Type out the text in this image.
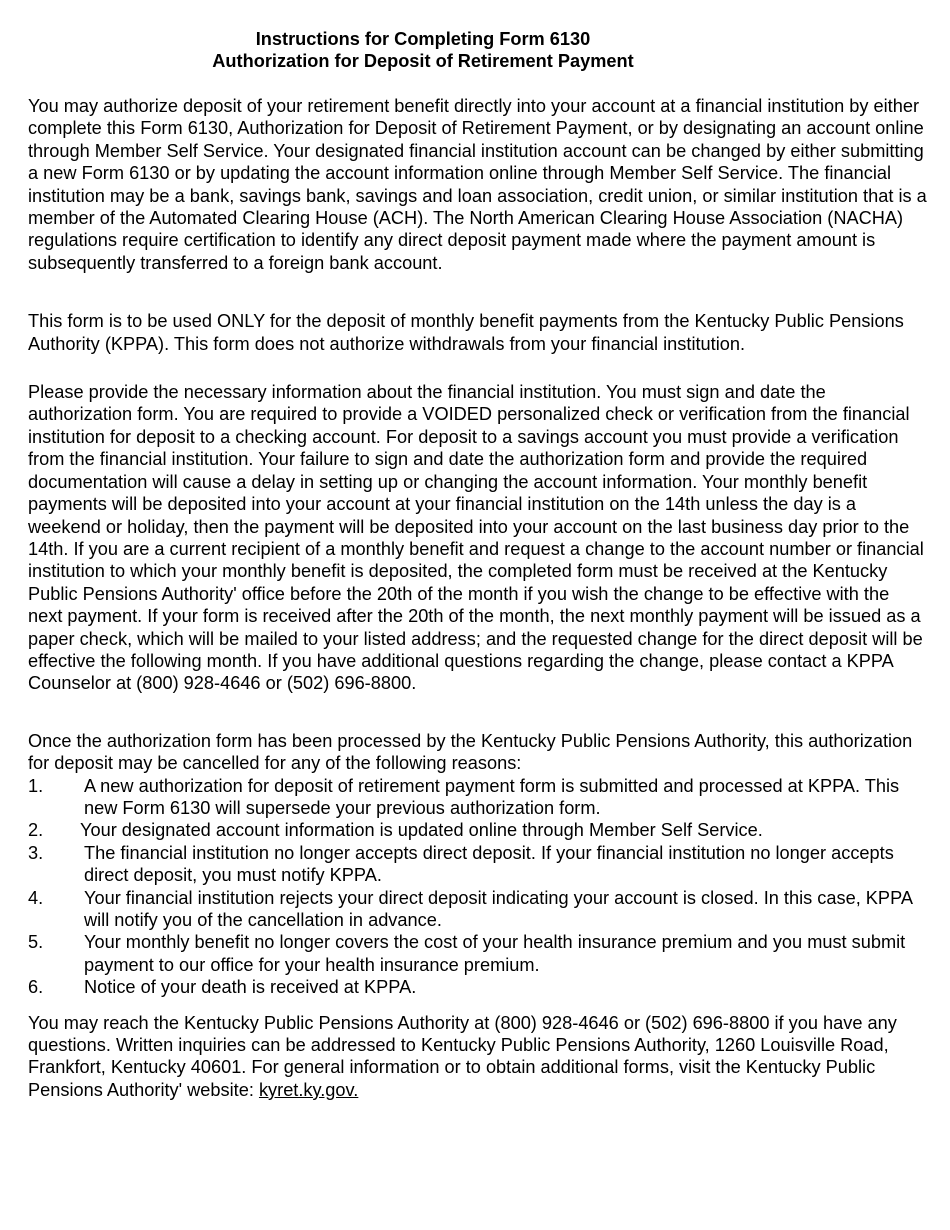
Instructions for Completing Form 6130
Authorization for Deposit of Retirement Payment

You may authorize deposit of your retirement benefit directly into your account at a financial institution by either complete this Form 6130, Authorization for Deposit of Retirement Payment, or by designating an account online through Member Self Service. Your designated financial institution account can be changed by either submitting a new Form 6130 or by updating the account information online through Member Self Service. The financial institution may be a bank, savings bank, savings and loan association, credit union, or similar institution that is a member of the Automated Clearing House (ACH). The North American Clearing House Association (NACHA) regulations require certification to identify any direct deposit payment made where the payment amount is subsequently transferred to a foreign bank account.

This form is to be used ONLY for the deposit of monthly benefit payments from the Kentucky Public Pensions Authority (KPPA). This form does not authorize withdrawals from your financial institution.

Please provide the necessary information about the financial institution. You must sign and date the authorization form. You are required to provide a VOIDED personalized check or verification from the financial institution for deposit to a checking account. For deposit to a savings account you must provide a verification from the financial institution. Your failure to sign and date the authorization form and provide the required documentation will cause a delay in setting up or changing the account information. Your monthly benefit payments will be deposited into your account at your financial institution on the 14th unless the day is a weekend or holiday, then the payment will be deposited into your account on the last business day prior to the 14th. If you are a current recipient of a monthly benefit and request a change to the account number or financial institution to which your monthly benefit is deposited, the completed form must be received at the Kentucky Public Pensions Authority' office before the 20th of the month if you wish the change to be effective with the next payment. If your form is received after the 20th of the month, the next monthly payment will be issued as a paper check, which will be mailed to your listed address; and the requested change for the direct deposit will be effective the following month. If you have additional questions regarding the change, please contact a KPPA Counselor at (800) 928-4646 or (502) 696-8800.

Once the authorization form has been processed by the Kentucky Public Pensions Authority, this authorization for deposit may be cancelled for any of the following reasons:

1. A new authorization for deposit of retirement payment form is submitted and processed at KPPA. This new Form 6130 will supersede your previous authorization form.
2. Your designated account information is updated online through Member Self Service.
3. The financial institution no longer accepts direct deposit. If your financial institution no longer accepts direct deposit, you must notify KPPA.
4. Your financial institution rejects your direct deposit indicating your account is closed. In this case, KPPA will notify you of the cancellation in advance.
5. Your monthly benefit no longer covers the cost of your health insurance premium and you must submit payment to our office for your health insurance premium.
6. Notice of your death is received at KPPA.

You may reach the Kentucky Public Pensions Authority at (800) 928-4646 or (502) 696-8800 if you have any questions. Written inquiries can be addressed to Kentucky Public Pensions Authority, 1260 Louisville Road, Frankfort, Kentucky 40601. For general information or to obtain additional forms, visit the Kentucky Public Pensions Authority' website: kyret.ky.gov.
